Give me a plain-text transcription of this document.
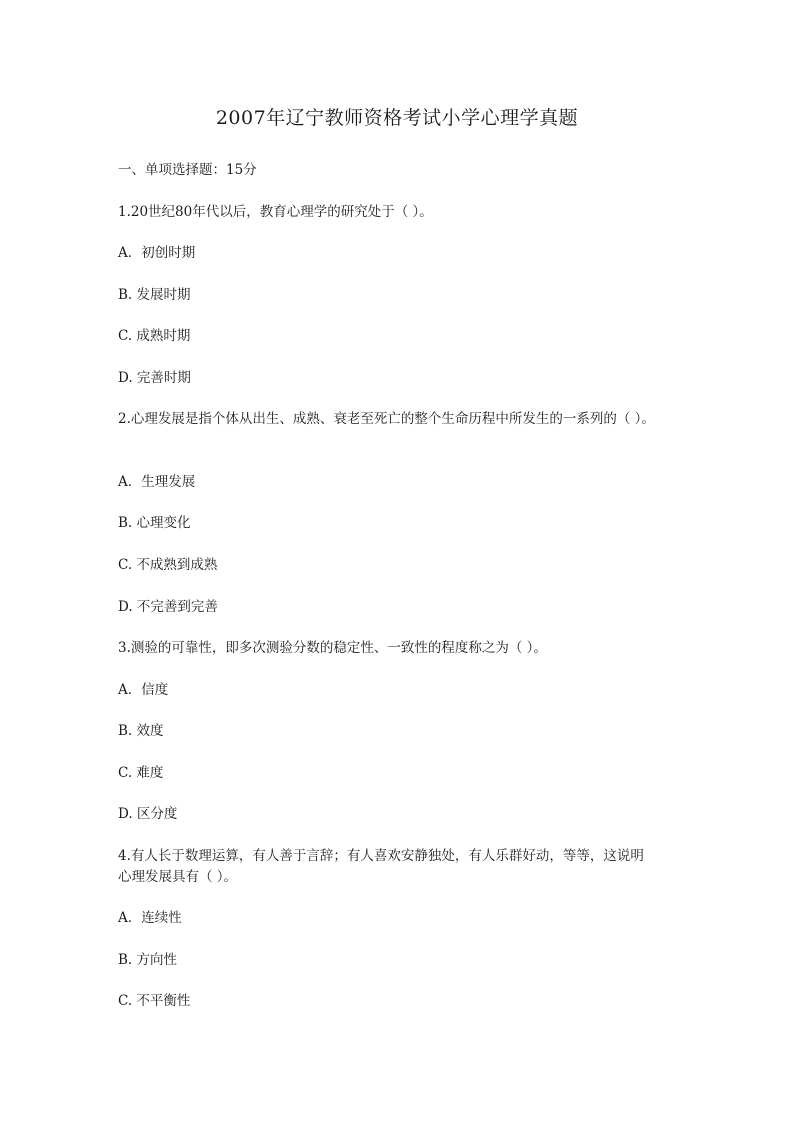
2007年辽宁教师资格考试小学心理学真题
一、单项选择题：15分
1.20世纪80年代以后，教育心理学的研究处于（ ）。
A．初创时期
B. 发展时期
C. 成熟时期
D. 完善时期
2.心理发展是指个体从出生、成熟、衰老至死亡的整个生命历程中所发生的一系列的（ ）。
A．生理发展
B. 心理变化
C. 不成熟到成熟
D. 不完善到完善
3.测验的可靠性，即多次测验分数的稳定性、一致性的程度称之为（ ）。
A．信度
B. 效度
C. 难度
D. 区分度
4.有人长于数理运算，有人善于言辞；有人喜欢安静独处，有人乐群好动，等等，这说明
心理发展具有（ ）。
A．连续性
B. 方向性
C. 不平衡性
